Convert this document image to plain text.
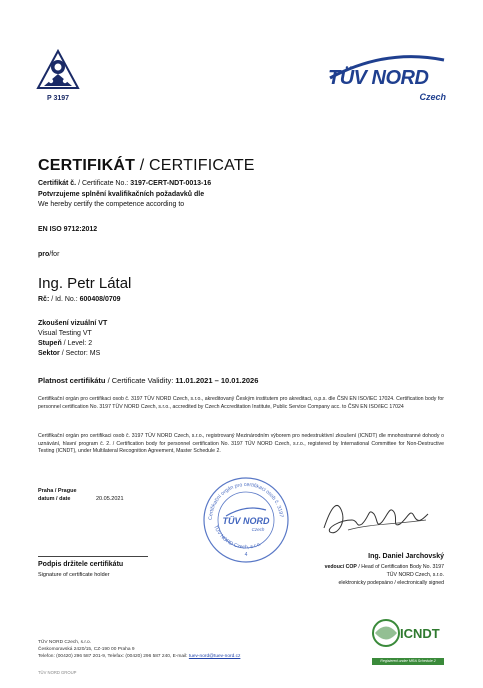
P 3197
TÜV NORD
Czech
CERTIFIKÁT / CERTIFICATE
Certifikát č. / Certificate No.: 3197-CERT-NDT-0013-16
Potvrzujeme splnění kvalifikačních požadavků dle
We hereby certify the competence according to
EN ISO 9712:2012
pro/for
Ing. Petr Látal
Rč: / Id. No.: 600408/0709
Zkoušení vizuální VT
Visual Testing VT
Stupeň / Level: 2
Sektor / Sector: MS
Platnost certifikátu / Certificate Validity: 11.01.2021 – 10.01.2026
Certifikační orgán pro certifikaci osob č. 3197 TÜV NORD Czech, s.r.o., akreditovaný Českým institutem pro akreditaci, o.p.s. dle ČSN EN ISO/IEC 17024. Certification body for personnel certification No. 3197 TÜV NORD Czech, s.r.o., accredited by Czech Accreditation Institute, Public Service Company acc. to ČSN EN ISO/IEC 17024
Certifikační orgán pro certifikaci osob č. 3197 TÜV NORD Czech, s.r.o., registrovaný Mezinárodním výborem pro nedestruktivní zkoušení (ICNDT) dle mnohostranné dohody o uznávání, hlavní program č. 2. / Certification body for personnel certification No. 3197 TÜV NORD Czech, s.r.o., registered by International Committee for Non-Destructive Testing (ICNDT), under Multilateral Recognition Agreement, Master Schedule 2.
Praha / Prague
datum / date	20.05.2021
Certifikační orgán pro certifikaci osob č. 3197
TÜV NORD Czech, s.r.o.
TÜV NORD
Czech
4
Podpis držitele certifikátu
Signature of certificate holder
Ing. Daniel Jarchovský
vedoucí COP / Head of Certification Body No. 3197
TÜV NORD Czech, s.r.o.
elektronicky podepsáno / electronically signed
TÜV NORD Czech, s.r.o.
Českomoravská 2420/15, CZ-190 00 Praha 9
Telefon: (00420) 296 587 201-9, Telefax: (00420) 296 587 240, E-mail: tuev-nord@tuev-nord.cz
TÜV NORD GROUP
ICNDT
Registered under MRA Schedule 2
